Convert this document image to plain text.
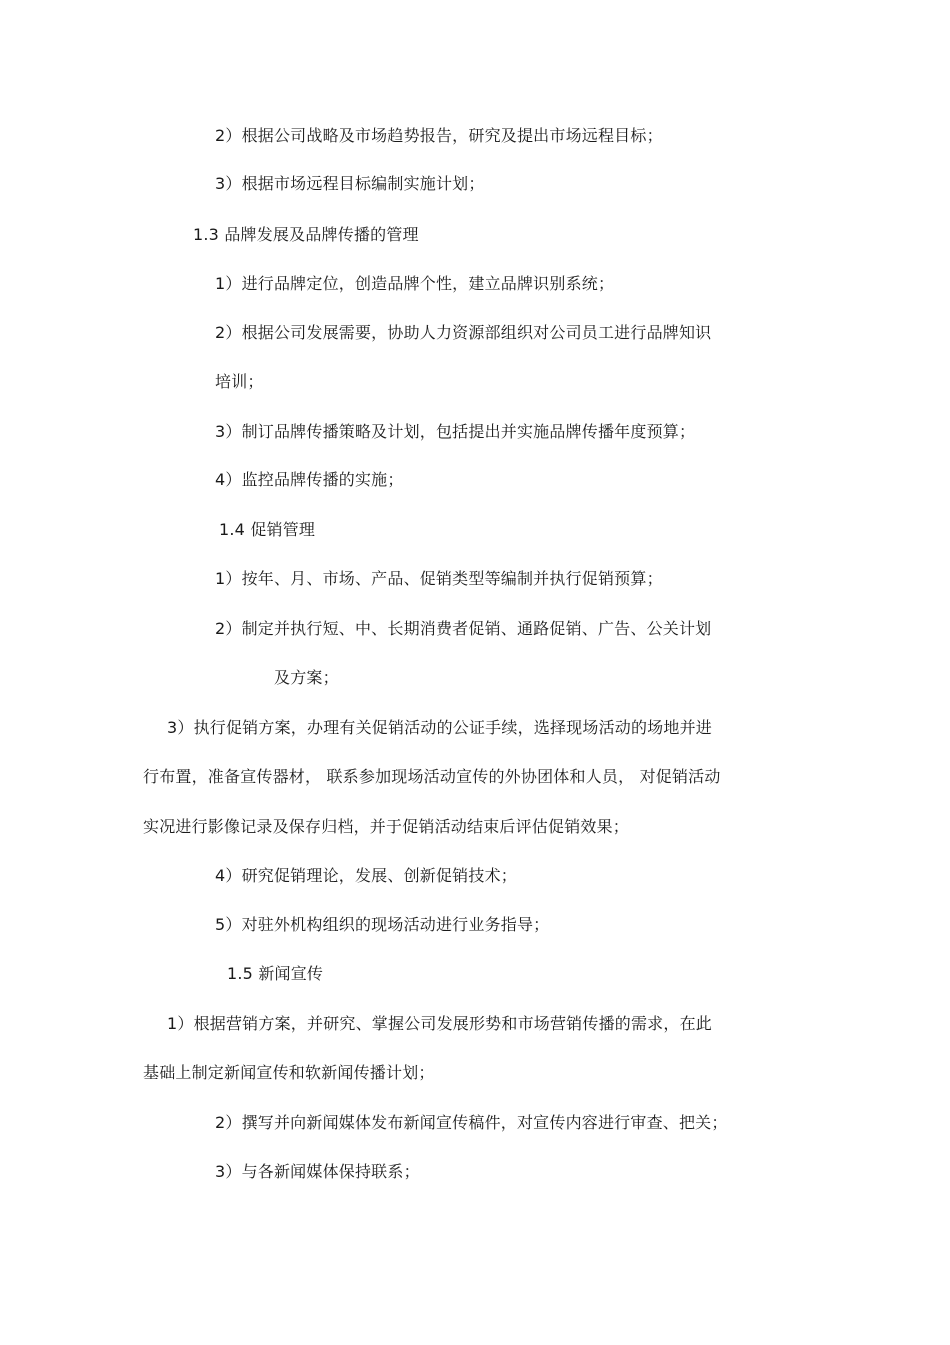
2）根据公司战略及市场趋势报告，研究及提出市场远程目标；
3）根据市场远程目标编制实施计划；
1.3 品牌发展及品牌传播的管理
1）进行品牌定位，创造品牌个性，建立品牌识别系统；
2）根据公司发展需要，协助人力资源部组织对公司员工进行品牌知识
培训；
3）制订品牌传播策略及计划，包括提出并实施品牌传播年度预算；
4）监控品牌传播的实施；
1.4 促销管理
1）按年、月、市场、产品、促销类型等编制并执行促销预算；
2）制定并执行短、中、长期消费者促销、通路促销、广告、公关计划
及方案；
3）执行促销方案，办理有关促销活动的公证手续，选择现场活动的场地并进
行布置，准备宣传器材， 联系参加现场活动宣传的外协团体和人员， 对促销活动
实况进行影像记录及保存归档，并于促销活动结束后评估促销效果；
4）研究促销理论，发展、创新促销技术；
5）对驻外机构组织的现场活动进行业务指导；
1.5 新闻宣传
1）根据营销方案，并研究、掌握公司发展形势和市场营销传播的需求，在此
基础上制定新闻宣传和软新闻传播计划；
2）撰写并向新闻媒体发布新闻宣传稿件，对宣传内容进行审查、把关；
3）与各新闻媒体保持联系；
